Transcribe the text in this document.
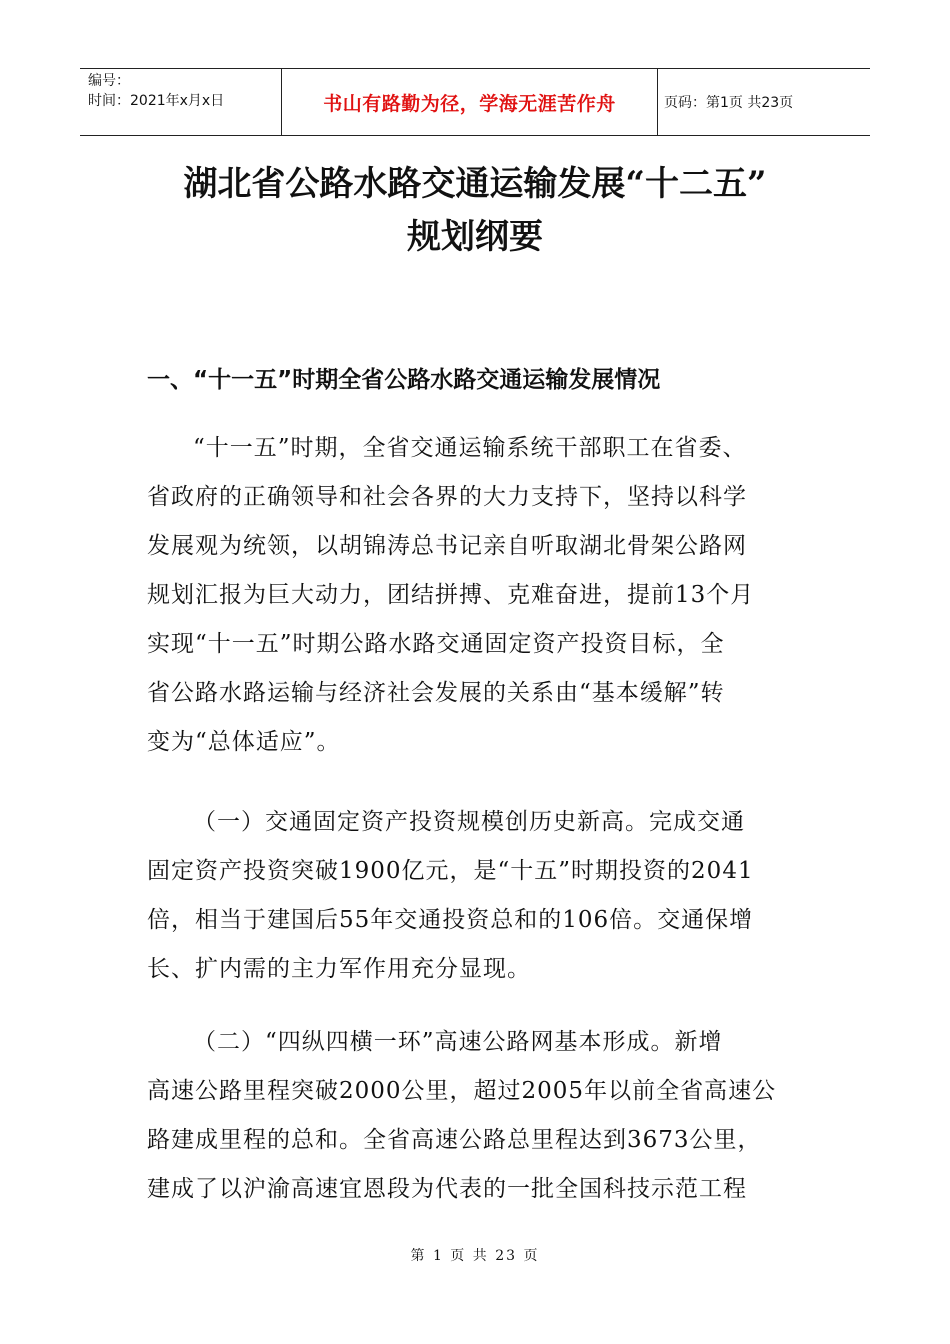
编号：
时间：2021年x月x日	书山有路勤为径，学海无涯苦作舟	页码：第1页 共23页
湖北省公路水路交通运输发展“十二五”
规划纲要
一、“十一五”时期全省公路水路交通运输发展情况
“十一五”时期，全省交通运输系统干部职工在省委、
省政府的正确领导和社会各界的大力支持下，坚持以科学
发展观为统领，以胡锦涛总书记亲自听取湖北骨架公路网
规划汇报为巨大动力，团结拼搏、克难奋进，提前13个月
实现“十一五”时期公路水路交通固定资产投资目标，全
省公路水路运输与经济社会发展的关系由“基本缓解”转
变为“总体适应”。
（一）交通固定资产投资规模创历史新高。完成交通
固定资产投资突破1900亿元，是“十五”时期投资的2041
倍，相当于建国后55年交通投资总和的106倍。交通保增
长、扩内需的主力军作用充分显现。
（二）“四纵四横一环”高速公路网基本形成。新增
高速公路里程突破2000公里，超过2005年以前全省高速公
路建成里程的总和。全省高速公路总里程达到3673公里，
建成了以沪渝高速宜恩段为代表的一批全国科技示范工程
第 1 页 共 23 页
